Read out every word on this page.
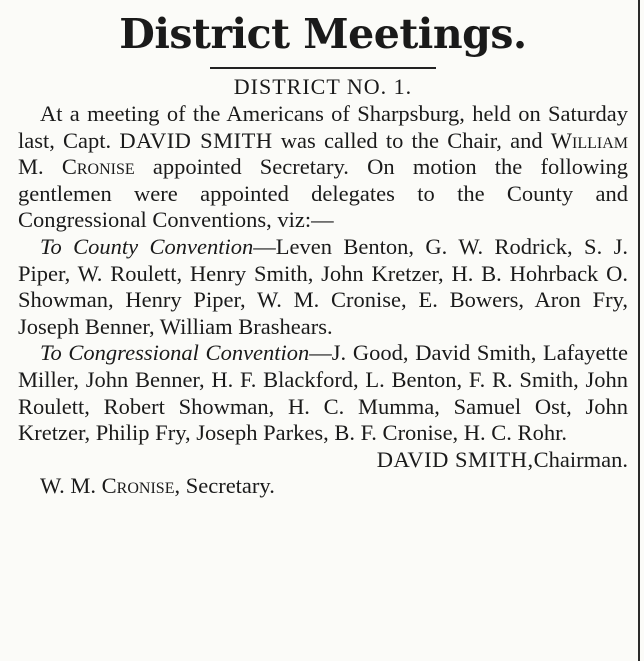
District Meetings.

DISTRICT NO. 1.

At a meeting of the Americans of Sharpsburg, held on Saturday last, Capt. DAVID SMITH was called to the Chair, and William M. Cronise appointed Secretary. On motion the following gentlemen were appointed delegates to the County and Congressional Conventions, viz:—

To County Convention—Leven Benton, G. W. Rodrick, S. J. Piper, W. Roulett, Henry Smith, John Kretzer, H. B. Hohrback O. Showman, Henry Piper, W. M. Cronise, E. Bowers, Aron Fry, Joseph Benner, William Brashears.

To Congressional Convention—J. Good, David Smith, Lafayette Miller, John Benner, H. F. Blackford, L. Benton, F. R. Smith, John Roulett, Robert Showman, H. C. Mumma, Samuel Ost, John Kretzer, Philip Fry, Joseph Parkes, B. F. Cronise, H. C. Rohr.

DAVID SMITH, Chairman.

W. M. Cronise, Secretary.
